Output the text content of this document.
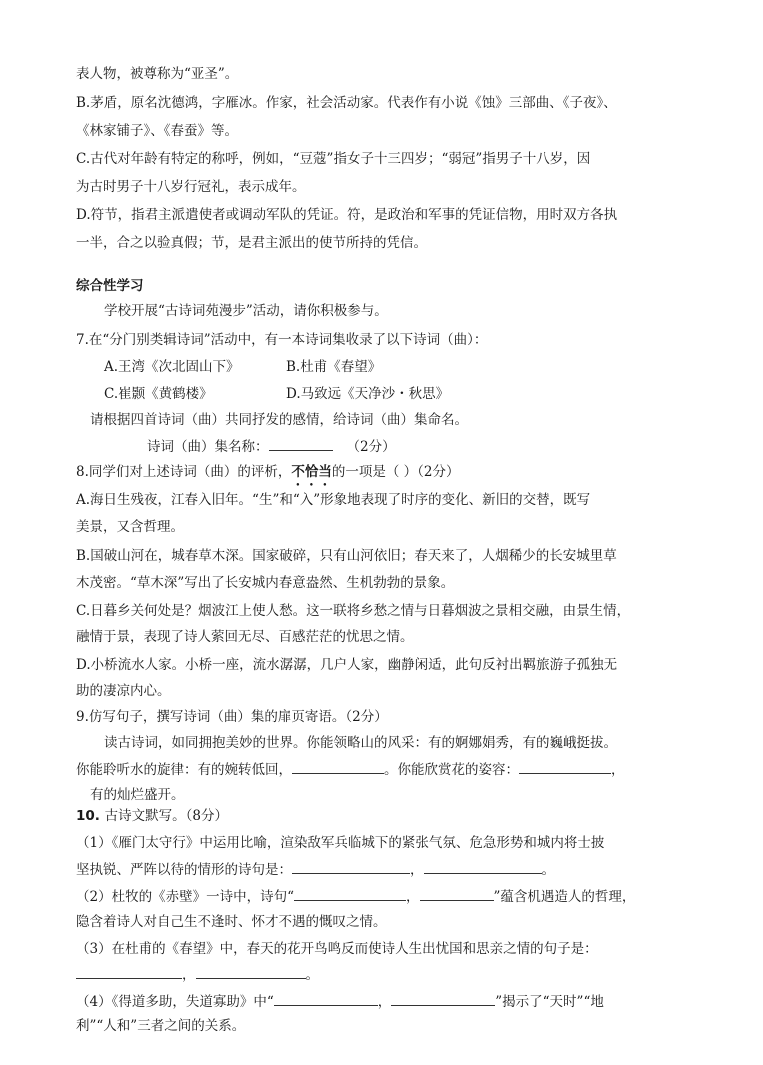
表人物，被尊称为“亚圣”。
B.茅盾，原名沈德鸿，字雁冰。作家，社会活动家。代表作有小说《蚀》三部曲、《子夜》、
《林家铺子》、《春蚕》等。
C.古代对年龄有特定的称呼，例如，“豆蔻”指女子十三四岁；“弱冠”指男子十八岁，因
为古时男子十八岁行冠礼，表示成年。
D.符节，指君主派遣使者或调动军队的凭证。符，是政治和军事的凭证信物，用时双方各执
一半，合之以验真假；节，是君主派出的使节所持的凭信。
综合性学习
学校开展“古诗词苑漫步”活动，请你积极参与。
7.在“分门别类辑诗词”活动中，有一本诗词集收录了以下诗词（曲）：
A.王湾《次北固山下》	B.杜甫《春望》
C.崔颢《黄鹤楼》	D.马致远《天净沙・秋思》
请根据四首诗词（曲）共同抒发的感情，给诗词（曲）集命名。
诗词（曲）集名称：	（2分）
8.同学们对上述诗词（曲）的评析，不恰当的一项是（ ）（2分）
A.海日生残夜，江春入旧年。“生”和“入”形象地表现了时序的变化、新旧的交替，既写
美景，又含哲理。
B.国破山河在，城春草木深。国家破碎，只有山河依旧；春天来了，人烟稀少的长安城里草
木茂密。“草木深”写出了长安城内春意盎然、生机勃勃的景象。
C.日暮乡关何处是？烟波江上使人愁。这一联将乡愁之情与日暮烟波之景相交融，由景生情，
融情于景，表现了诗人萦回无尽、百感茫茫的忧思之情。
D.小桥流水人家。小桥一座，流水潺潺，几户人家，幽静闲适，此句反衬出羁旅游子孤独无
助的凄凉内心。
9.仿写句子，撰写诗词（曲）集的扉页寄语。（2分）
读古诗词，如同拥抱美妙的世界。你能领略山的风采：有的婀娜娟秀，有的巍峨挺拔。
你能聆听水的旋律：有的婉转低回，	。你能欣赏花的姿容：	，
有的灿烂盛开。
10. 古诗文默写。（8分）
（1）《雁门太守行》中运用比喻，渲染敌军兵临城下的紧张气氛、危急形势和城内将士披
坚执锐、严阵以待的情形的诗句是：	，	。
（2）杜牧的《赤壁》一诗中，诗句“	，	”蕴含机遇造人的哲理，
隐含着诗人对自己生不逢时、怀才不遇的慨叹之情。
（3）在杜甫的《春望》中，春天的花开鸟鸣反而使诗人生出忧国和思亲之情的句子是：
，	。
（4）《得道多助，失道寡助》中“	，	”揭示了“天时”“地
利”“人和”三者之间的关系。
